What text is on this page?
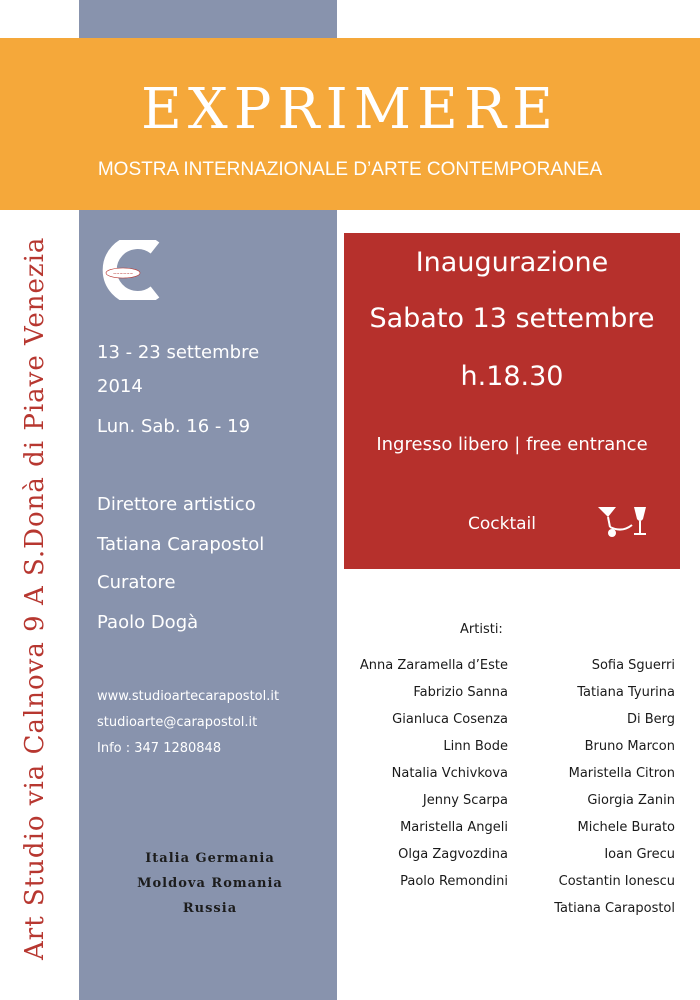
EXPRIMERE
MOSTRA INTERNAZIONALE D’ARTE CONTEMPORANEA
~~~~~~
Art Studio via Calnova 9 A S.Donà di Piave Venezia	13 - 23 settembre
2014
Lun. Sab. 16 - 19
Direttore artistico
Tatiana Carapostol
Curatore
Paolo Dogà
www.studioartecarapostol.it
studioarte@carapostol.it
Info : 347 1280848
Italia Germania
Moldova Romania
Russia
Inaugurazione
Sabato 13 settembre
h.18.30
Ingresso libero | free entrance
Cocktail
Artisti:
Anna Zaramella d’Este
Fabrizio Sanna
Gianluca Cosenza
Linn Bode
Natalia Vchivkova
Jenny Scarpa
Maristella Angeli
Olga Zagvozdina
Paolo Remondini
Sofia Sguerri
Tatiana Tyurina
Di Berg
Bruno Marcon
Maristella Citron
Giorgia Zanin
Michele Burato
Ioan Grecu
Costantin Ionescu
Tatiana Carapostol
